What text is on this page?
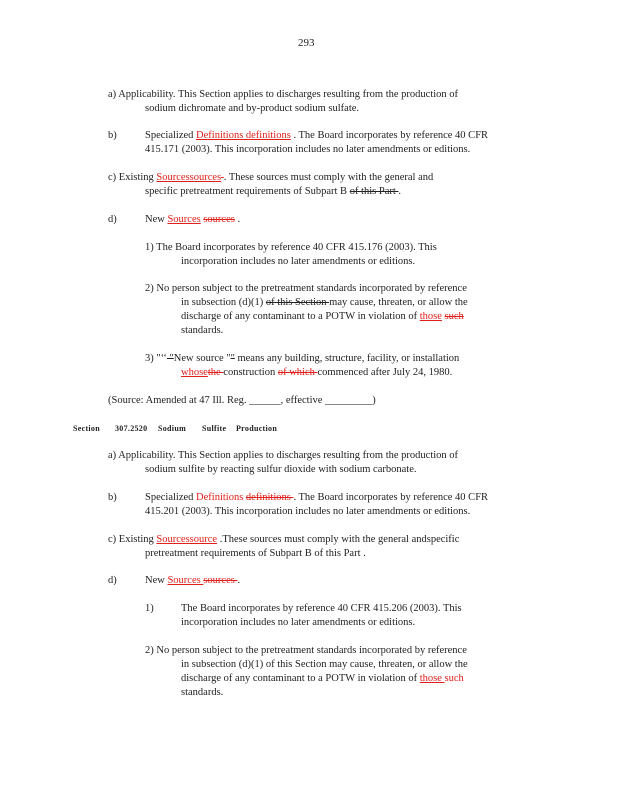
293
a) Applicability. This Section applies to discharges resulting from the production of
sodium dichromate and by-product sodium sulfate.
b)	Specialized Definitions definitions . The Board incorporates by reference 40 CFR
415.171 (2003). This incorporation includes no later amendments or editions.
c) Existing Sourcessources . These sources must comply with the general and
specific pretreatment requirements of Subpart B of this Part .
d)	New Sources sources .
1) The Board incorporates by reference 40 CFR 415.176 (2003). This
incorporation includes no later amendments or editions.
2) No person subject to the pretreatment standards incorporated by reference
in subsection (d)(1) of this Section may cause, threaten, or allow the
discharge of any contaminant to a POTW in violation of those such
standards.
3) "‘‘ "New source "" means any building, structure, facility, or installation
whosethe construction of which commenced after July 24, 1980.
(Source: Amended at 47 Ill. Reg. ______, effective _________)
Section 307.2520 Sodium Sulfite Production
a) Applicability. This Section applies to discharges resulting from the production of
sodium sulfite by reacting sulfur dioxide with sodium carbonate.
b)	Specialized Definitions definitions . The Board incorporates by reference 40 CFR
415.201 (2003). This incorporation includes no later amendments or editions.
c) Existing Sourcessource .These sources must comply with the general andspecific
pretreatment requirements of Subpart B of this Part .
d)	New Sources sources .
1)	The Board incorporates by reference 40 CFR 415.206 (2003). This
incorporation includes no later amendments or editions.
2) No person subject to the pretreatment standards incorporated by reference
in subsection (d)(1) of this Section may cause, threaten, or allow the
discharge of any contaminant to a POTW in violation of those such
standards.
